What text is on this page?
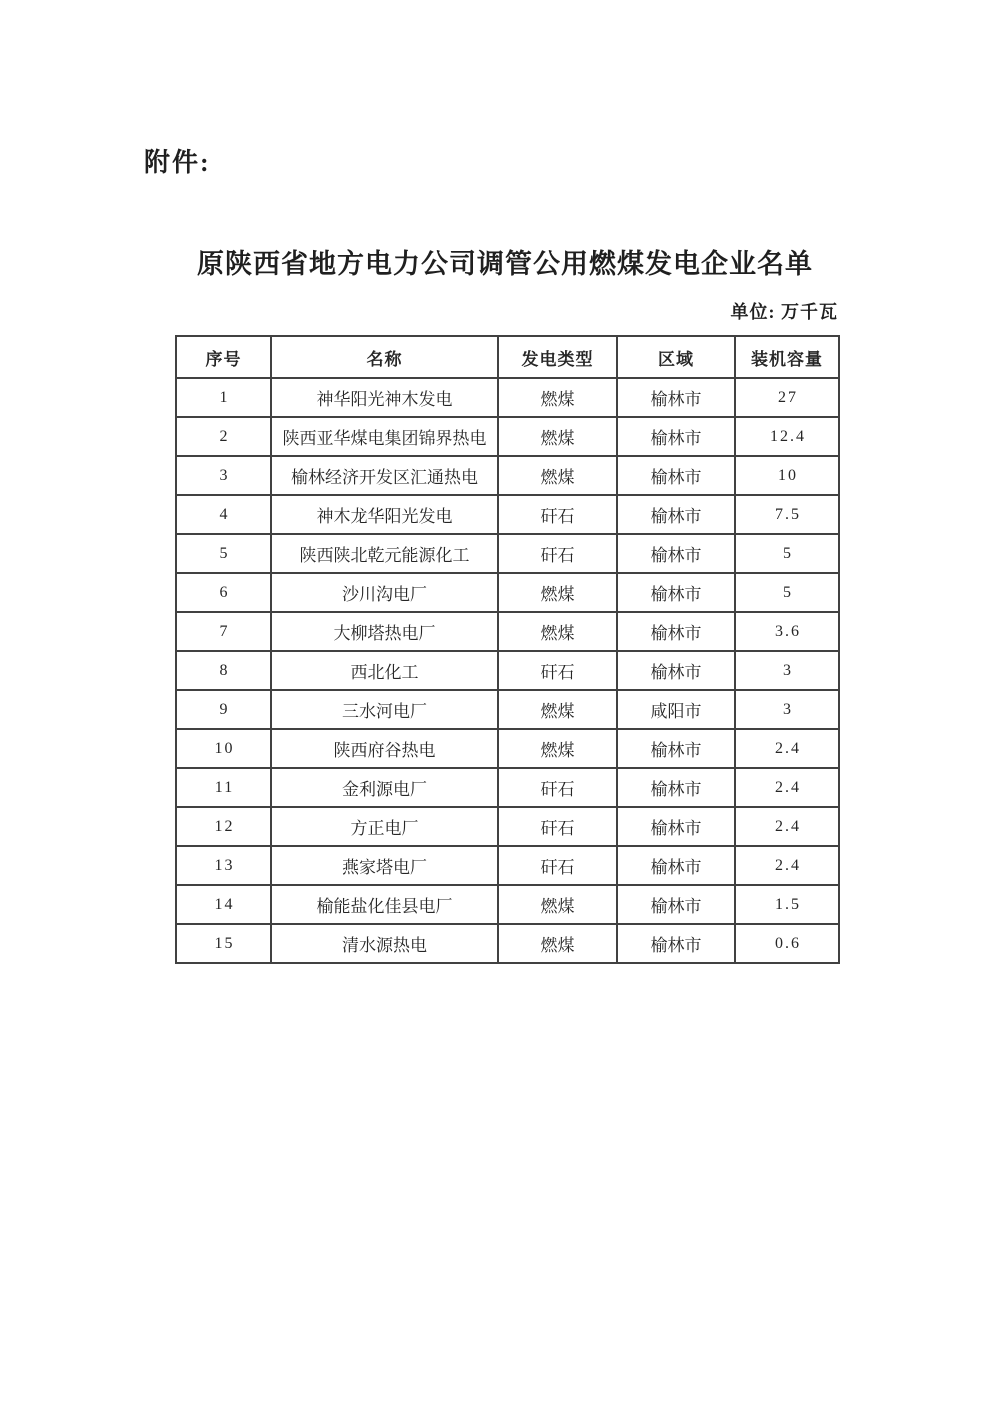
附件:
原陕西省地方电力公司调管公用燃煤发电企业名单
单位: 万千瓦
序号	名称	发电类型	区域	装机容量
1	神华阳光神木发电	燃煤	榆林市	27
2	陕西亚华煤电集团锦界热电	燃煤	榆林市	12.4
3	榆林经济开发区汇通热电	燃煤	榆林市	10
4	神木龙华阳光发电	矸石	榆林市	7.5
5	陕西陕北乾元能源化工	矸石	榆林市	5
6	沙川沟电厂	燃煤	榆林市	5
7	大柳塔热电厂	燃煤	榆林市	3.6
8	西北化工	矸石	榆林市	3
9	三水河电厂	燃煤	咸阳市	3
10	陕西府谷热电	燃煤	榆林市	2.4
11	金利源电厂	矸石	榆林市	2.4
12	方正电厂	矸石	榆林市	2.4
13	燕家塔电厂	矸石	榆林市	2.4
14	榆能盐化佳县电厂	燃煤	榆林市	1.5
15	清水源热电	燃煤	榆林市	0.6
